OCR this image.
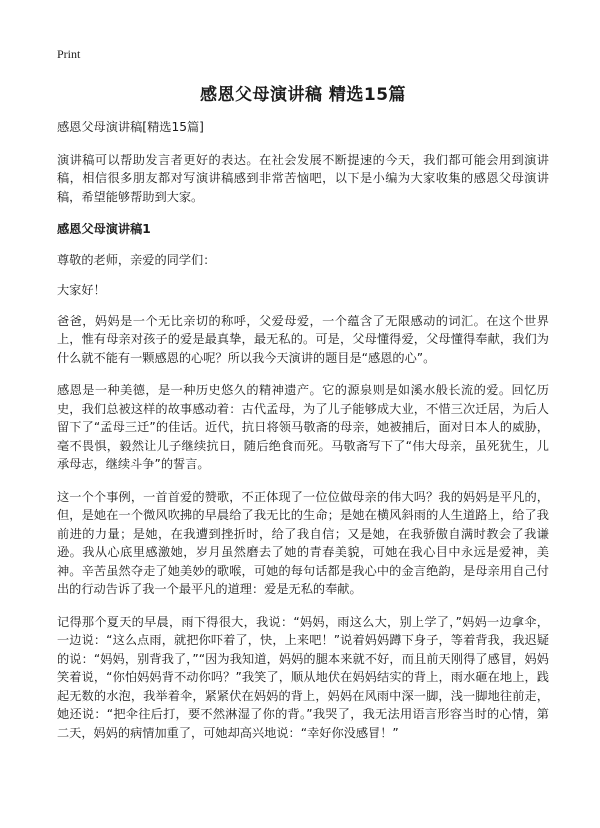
Print
感恩父母演讲稿 精选15篇

感恩父母演讲稿[精选15篇]

演讲稿可以帮助发言者更好的表达。在社会发展不断提速的今天，我们都可能会用到演讲稿，相信很多朋友都对写演讲稿感到非常苦恼吧，以下是小编为大家收集的感恩父母演讲稿，希望能够帮助到大家。

感恩父母演讲稿1

尊敬的老师，亲爱的同学们：

大家好！

爸爸，妈妈是一个无比亲切的称呼，父爱母爱，一个蕴含了无限感动的词汇。在这个世界上，惟有母亲对孩子的爱是最真挚，最无私的。可是，父母懂得爱，父母懂得奉献，我们为什么就不能有一颗感恩的心呢？所以我今天演讲的题目是“感恩的心”。

感恩是一种美德，是一种历史悠久的精神遗产。它的源泉则是如溪水般长流的爱。回忆历史，我们总被这样的故事感动着：古代孟母，为了儿子能够成大业，不惜三次迁居，为后人留下了“孟母三迁”的佳话。近代，抗日将领马敬斋的母亲，她被捕后，面对日本人的威胁，毫不畏惧，毅然让儿子继续抗日，随后绝食而死。马敬斋写下了“伟大母亲，虽死犹生，儿承母志，继续斗争”的誓言。

这一个个事例，一首首爱的赞歌，不正体现了一位位做母亲的伟大吗？我的妈妈是平凡的，但，是她在一个微风吹拂的早晨给了我无比的生命；是她在横风斜雨的人生道路上，给了我前进的力量；是她，在我遭到挫折时，给了我自信；又是她，在我骄傲自满时教会了我谦逊。我从心底里感激她，岁月虽然磨去了她的青春美貌，可她在我心目中永远是爱神，美神。辛苦虽然夺走了她美妙的歌喉，可她的每句话都是我心中的金言绝韵，是母亲用自己付出的行动告诉了我一个最平凡的道理：爱是无私的奉献。

记得那个夏天的早晨，雨下得很大，我说：“妈妈，雨这么大，别上学了，”妈妈一边拿伞，一边说：“这么点雨，就把你吓着了，快，上来吧！”说着妈妈蹲下身子，等着背我，我迟疑的说：“妈妈，别背我了，”“因为我知道，妈妈的腿本来就不好，而且前天刚得了感冒，妈妈笑着说，“你怕妈妈背不动你吗？”我笑了，顺从地伏在妈妈结实的背上，雨水砸在地上，践起无数的水泡，我举着伞，紧紧伏在妈妈的背上，妈妈在风雨中深一脚，浅一脚地往前走，她还说：“把伞往后打，要不然淋湿了你的背。”我哭了，我无法用语言形容当时的心情，第二天，妈妈的病情加重了，可她却高兴地说：“幸好你没感冒！”
